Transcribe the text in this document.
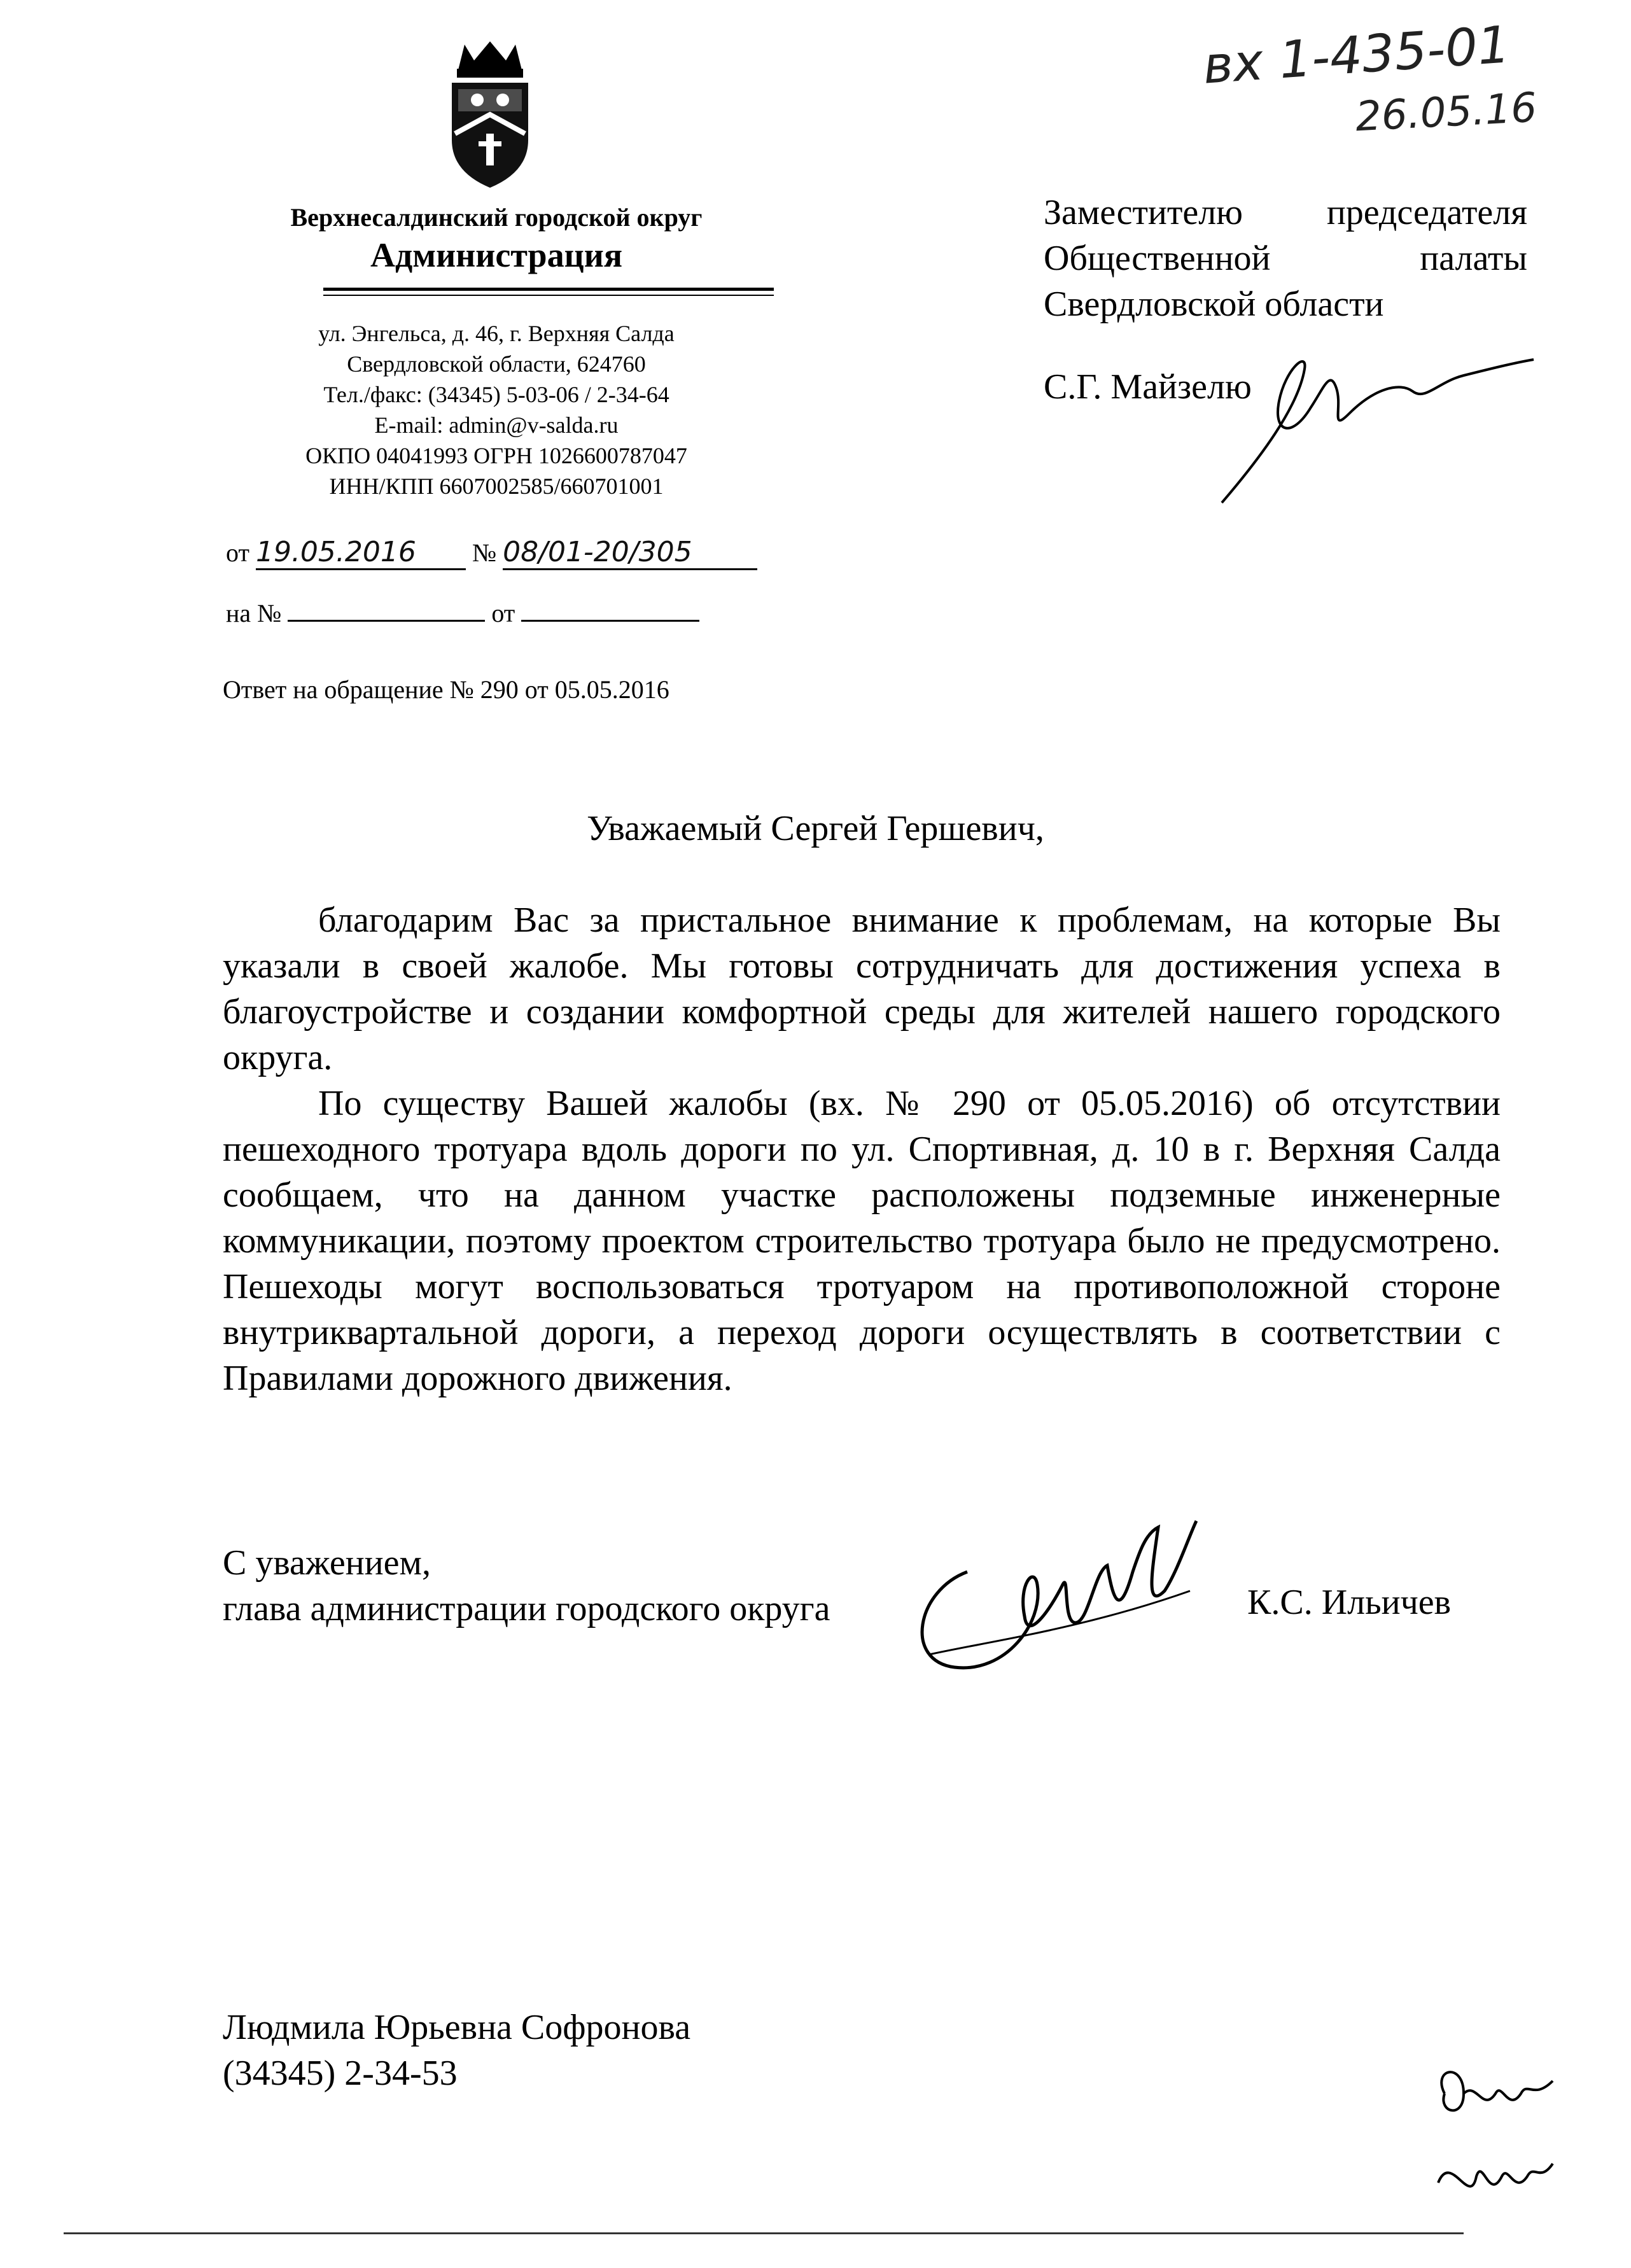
вх 1-435-01
26.05.16
Верхнесалдинский городской округ
Администрация
ул. Энгельса, д. 46, г. Верхняя Салда
Свердловской области, 624760
Тел./факс: (34345) 5-03-06 / 2-34-64
E-mail: admin@v-salda.ru
ОКПО 04041993 ОГРН 1026600787047
ИНН/КПП 6607002585/660701001
от 19.05.2016 № 08/01-20/305
на №	от
Ответ на обращение № 290 от 05.05.2016
Заместителю председателя
Общественной	палаты
Свердловской области
С.Г. Майзелю
Уважаемый Сергей Гершевич,

благодарим Вас за пристальное внимание к проблемам, на которые Вы указали в своей жалобе. Мы готовы сотрудничать для достижения успеха в благоустройстве и создании комфортной среды для жителей нашего городского округа.

По существу Вашей жалобы (вх. № 290 от 05.05.2016) об отсутствии пешеходного тротуара вдоль дороги по ул. Спортивная, д. 10 в г. Верхняя Салда сообщаем, что на данном участке расположены подземные инженерные коммуникации, поэтому проектом строительство тротуара было не предусмотрено. Пешеходы могут воспользоваться тротуаром на противоположной стороне внутриквартальной дороги, а переход дороги осуществлять в соответствии с Правилами дорожного движения.

С уважением,
глава администрации городского округа	К.С. Ильичев
Людмила Юрьевна Софронова
(34345) 2-34-53
